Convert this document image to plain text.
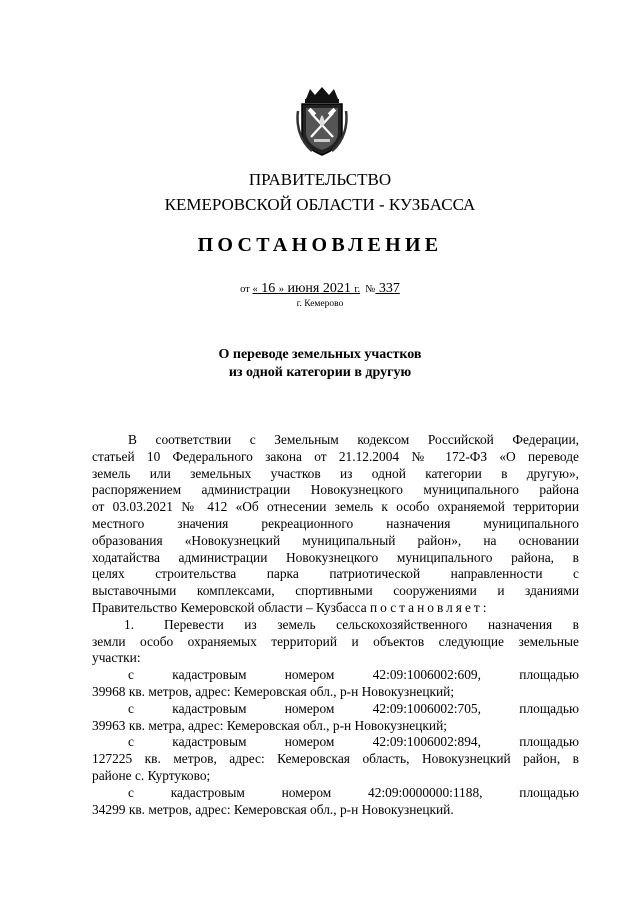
ПРАВИТЕЛЬСТВО
КЕМЕРОВСКОЙ ОБЛАСТИ - КУЗБАССА
ПОСТАНОВЛЕНИЕ
от « 16 » июня 2021 г. № 337
г. Кемерово
О переводе земельных участков
из одной категории в другую
В соответствии с Земельным кодексом Российской Федерации,
статьей 10 Федерального закона от 21.12.2004 № 172-ФЗ «О переводе
земель или земельных участков из одной категории в другую»,
распоряжением администрации Новокузнецкого муниципального района
от 03.03.2021 № 412 «Об отнесении земель к особо охраняемой территории
местного значения рекреационного назначения муниципального
образования «Новокузнецкий муниципальный район», на основании
ходатайства администрации Новокузнецкого муниципального района, в
целях строительства парка патриотической направленности с
выставочными комплексами, спортивными сооружениями и зданиями
Правительство Кемеровской области – Кузбасса постановляет:
1. Перевести из земель сельскохозяйственного назначения в
земли особо охраняемых территорий и объектов следующие земельные
участки:
с кадастровым номером 42:09:1006002:609, площадью
39968 кв. метров, адрес: Кемеровская обл., р-н Новокузнецкий;
с кадастровым номером 42:09:1006002:705, площадью
39963 кв. метра, адрес: Кемеровская обл., р-н Новокузнецкий;
с кадастровым номером 42:09:1006002:894, площадью
127225 кв. метров, адрес: Кемеровская область, Новокузнецкий район, в
районе с. Куртуково;
с кадастровым номером 42:09:0000000:1188, площадью
34299 кв. метров, адрес: Кемеровская обл., р-н Новокузнецкий.
